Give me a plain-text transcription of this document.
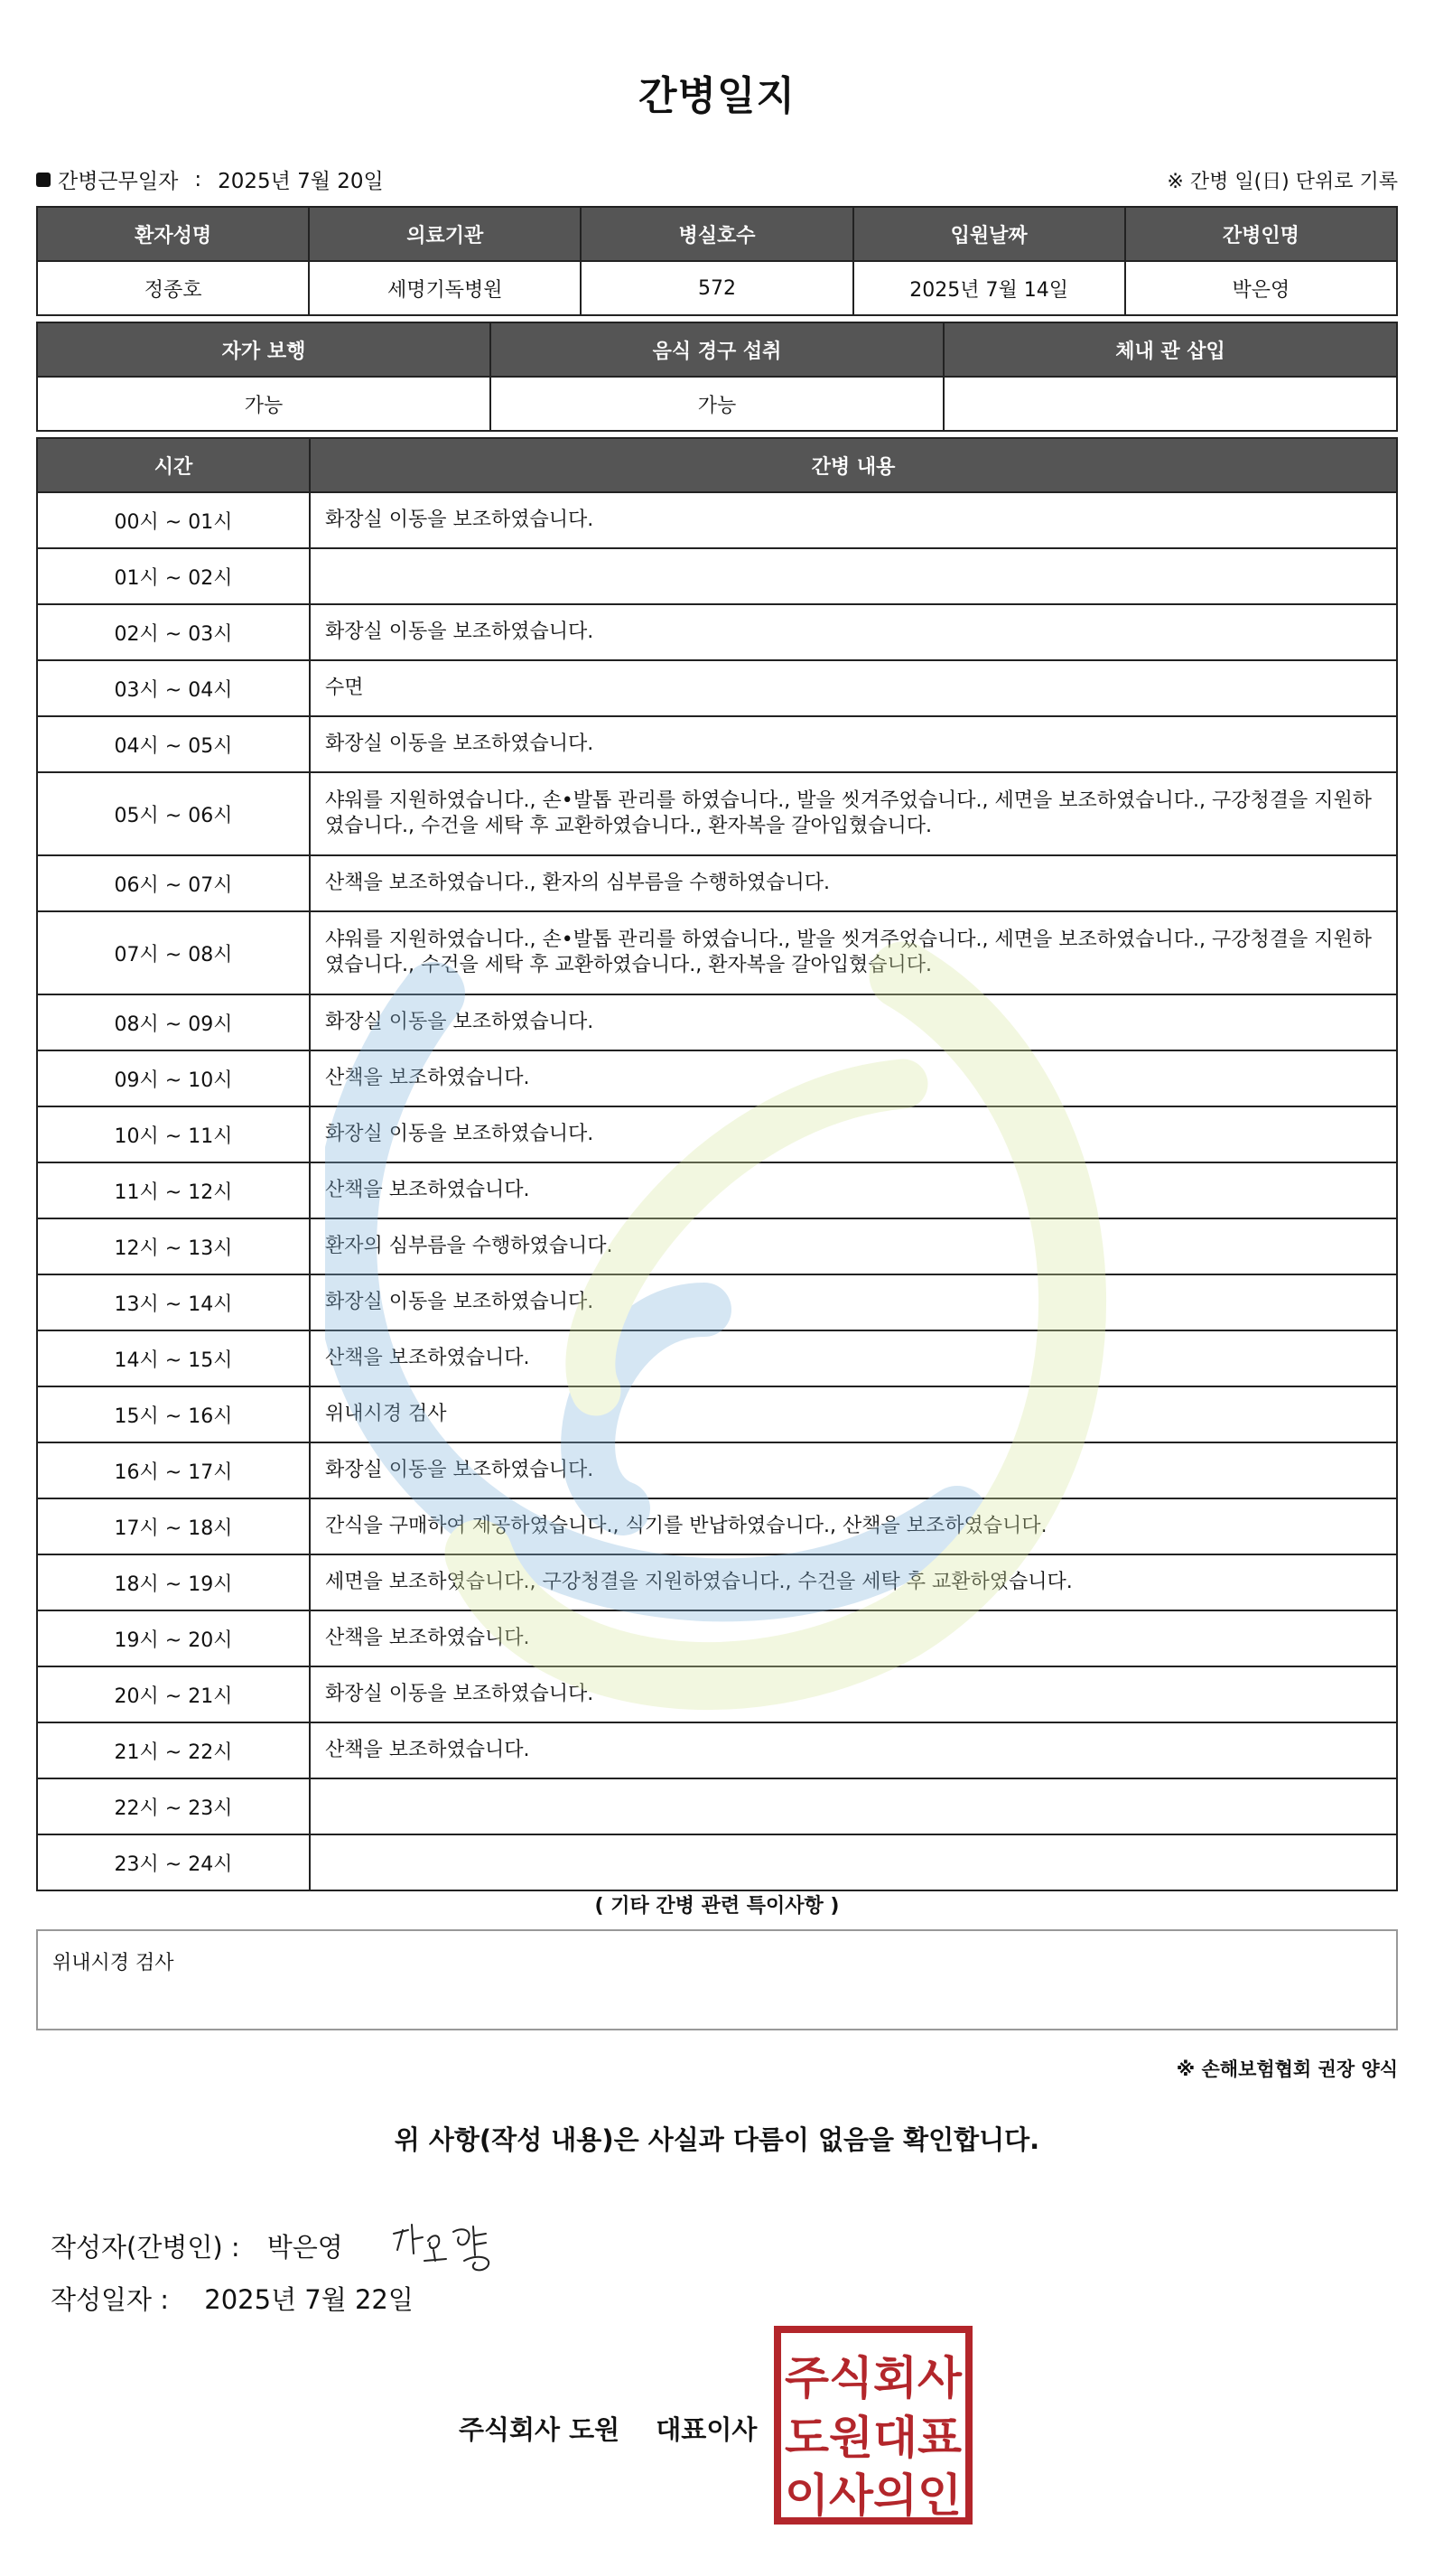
간병일지
간병근무일자 : 2025년 7월 20일	※ 간병 일(日) 단위로 기록
환자성명	의료기관	병실호수	입원날짜	간병인명
정종호	세명기독병원	572	2025년 7월 14일	박은영
자가 보행	음식 경구 섭취	체내 관 삽입
가능	가능	
시간	간병 내용
00시 ~ 01시	화장실 이동을 보조하였습니다.
01시 ~ 02시	
02시 ~ 03시	화장실 이동을 보조하였습니다.
03시 ~ 04시	수면
04시 ~ 05시	화장실 이동을 보조하였습니다.
05시 ~ 06시	샤워를 지원하였습니다., 손•발톱 관리를 하였습니다., 발을 씻겨주었습니다., 세면을 보조하였습니다., 구강청결을 지원하였습니다., 수건을 세탁 후 교환하였습니다., 환자복을 갈아입혔습니다.
06시 ~ 07시	산책을 보조하였습니다., 환자의 심부름을 수행하였습니다.
07시 ~ 08시	샤워를 지원하였습니다., 손•발톱 관리를 하였습니다., 발을 씻겨주었습니다., 세면을 보조하였습니다., 구강청결을 지원하였습니다., 수건을 세탁 후 교환하였습니다., 환자복을 갈아입혔습니다.
08시 ~ 09시	화장실 이동을 보조하였습니다.
09시 ~ 10시	산책을 보조하였습니다.
10시 ~ 11시	화장실 이동을 보조하였습니다.
11시 ~ 12시	산책을 보조하였습니다.
12시 ~ 13시	환자의 심부름을 수행하였습니다.
13시 ~ 14시	화장실 이동을 보조하였습니다.
14시 ~ 15시	산책을 보조하였습니다.
15시 ~ 16시	위내시경 검사
16시 ~ 17시	화장실 이동을 보조하였습니다.
17시 ~ 18시	간식을 구매하여 제공하였습니다., 식기를 반납하였습니다., 산책을 보조하였습니다.
18시 ~ 19시	세면을 보조하였습니다., 구강청결을 지원하였습니다., 수건을 세탁 후 교환하였습니다.
19시 ~ 20시	산책을 보조하였습니다.
20시 ~ 21시	화장실 이동을 보조하였습니다.
21시 ~ 22시	산책을 보조하였습니다.
22시 ~ 23시	
23시 ~ 24시	
( 기타 간병 관련 특이사항 )
위내시경 검사
※ 손해보험협회 권장 양식
위 사항(작성 내용)은 사실과 다름이 없음을 확인합니다.
작성자(간병인) : 박은영
작성일자 : 2025년 7월 22일
주식회사 도원 대표이사
주식회사
도원대표
이사의인
